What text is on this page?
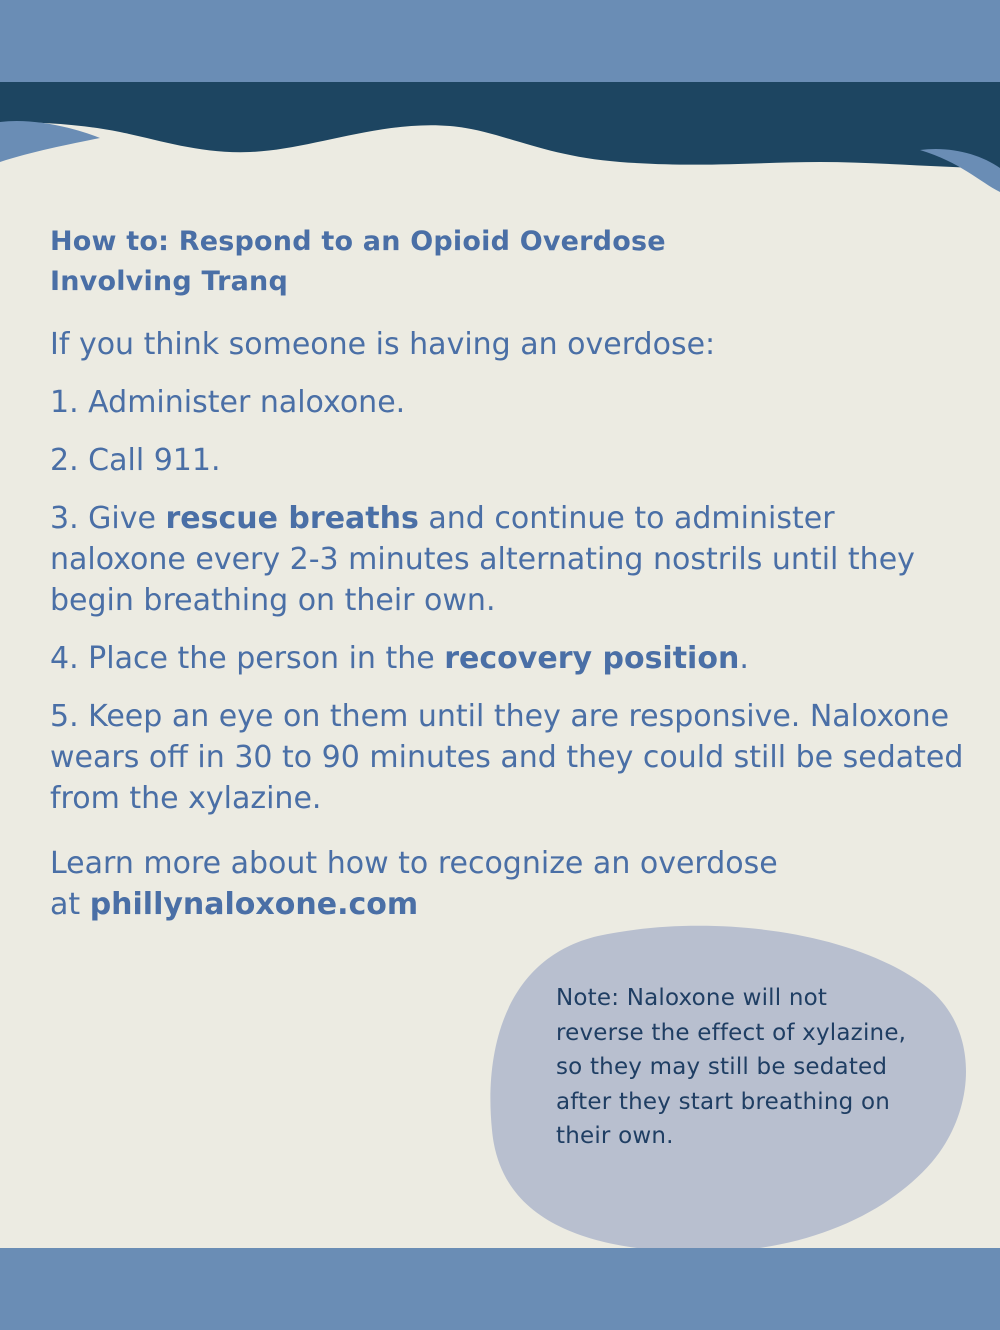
How to: Respond to an Opioid Overdose
Involving Tranq

If you think someone is having an overdose:

1. Administer naloxone.

2. Call 911.

3. Give rescue breaths and continue to administer naloxone every 2-3 minutes alternating nostrils until they begin breathing on their own.

4. Place the person in the recovery position.

5. Keep an eye on them until they are responsive. Naloxone wears off in 30 to 90 minutes and they could still be sedated from the xylazine.

Learn more about how to recognize an overdose
at phillynaloxone.com

Note: Naloxone will not reverse the effect of xylazine, so they may still be sedated after they start breathing on their own.
